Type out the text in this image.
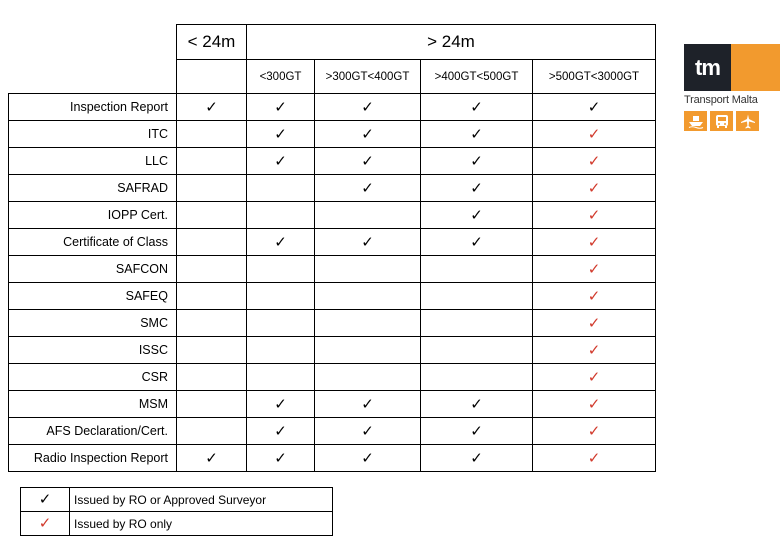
	< 24m	> 24m			
		<300GT	>300GT<400GT	>400GT<500GT	>500GT<3000GT
Inspection Report	✓	✓	✓	✓	✓
ITC		✓	✓	✓	✓
LLC		✓	✓	✓	✓
SAFRAD			✓	✓	✓
IOPP Cert.				✓	✓
Certificate of Class		✓	✓	✓	✓
SAFCON					✓
SAFEQ					✓
SMC					✓
ISSC					✓
CSR					✓
MSM		✓	✓	✓	✓
AFS Declaration/Cert.		✓	✓	✓	✓
Radio Inspection Report	✓	✓	✓	✓	✓
✓	Issued by RO or Approved Surveyor
✓	Issued by RO only
tm
Transport Malta
